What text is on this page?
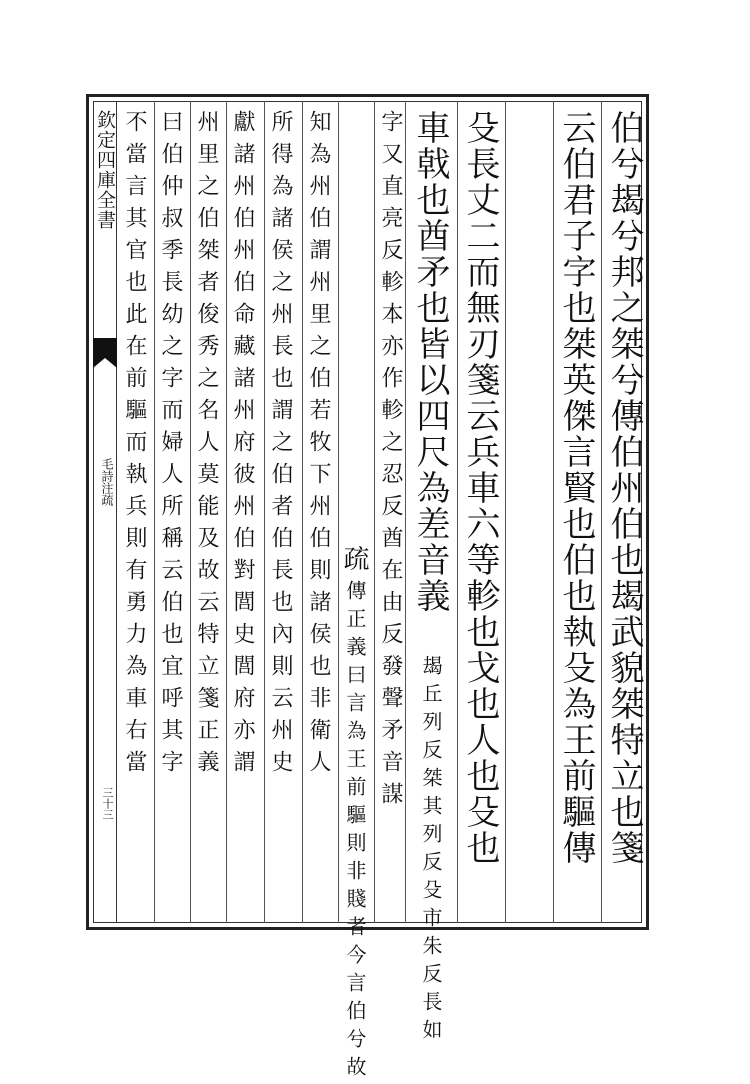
欽定四庫全書
毛詩注疏
三十三	伯兮朅兮邦之桀兮傳伯州伯也朅武貌桀特立也箋
云伯君子字也桀英傑言賢也伯也執殳為王前驅傳
殳長丈二而無刃箋云兵車六等軫也戈也人也殳也
車戟也酋矛也皆以四尺為差音義
朅丘列反桀其列反殳市朱反長如
字又直亮反軫本亦作軫之忍反酋在由反發聲矛音謀
疏
傳正義曰言為王前驅則非賤者今言伯兮故
知為州伯謂州里之伯若牧下州伯則諸侯也非衛人
所得為諸侯之州長也謂之伯者伯長也內則云州史
獻諸州伯州伯命藏諸州府彼州伯對閭史閭府亦謂
州里之伯桀者俊秀之名人莫能及故云特立箋正義
曰伯仲叔季長幼之字而婦人所稱云伯也宜呼其字
不當言其官也此在前驅而執兵則有勇力為車右當
